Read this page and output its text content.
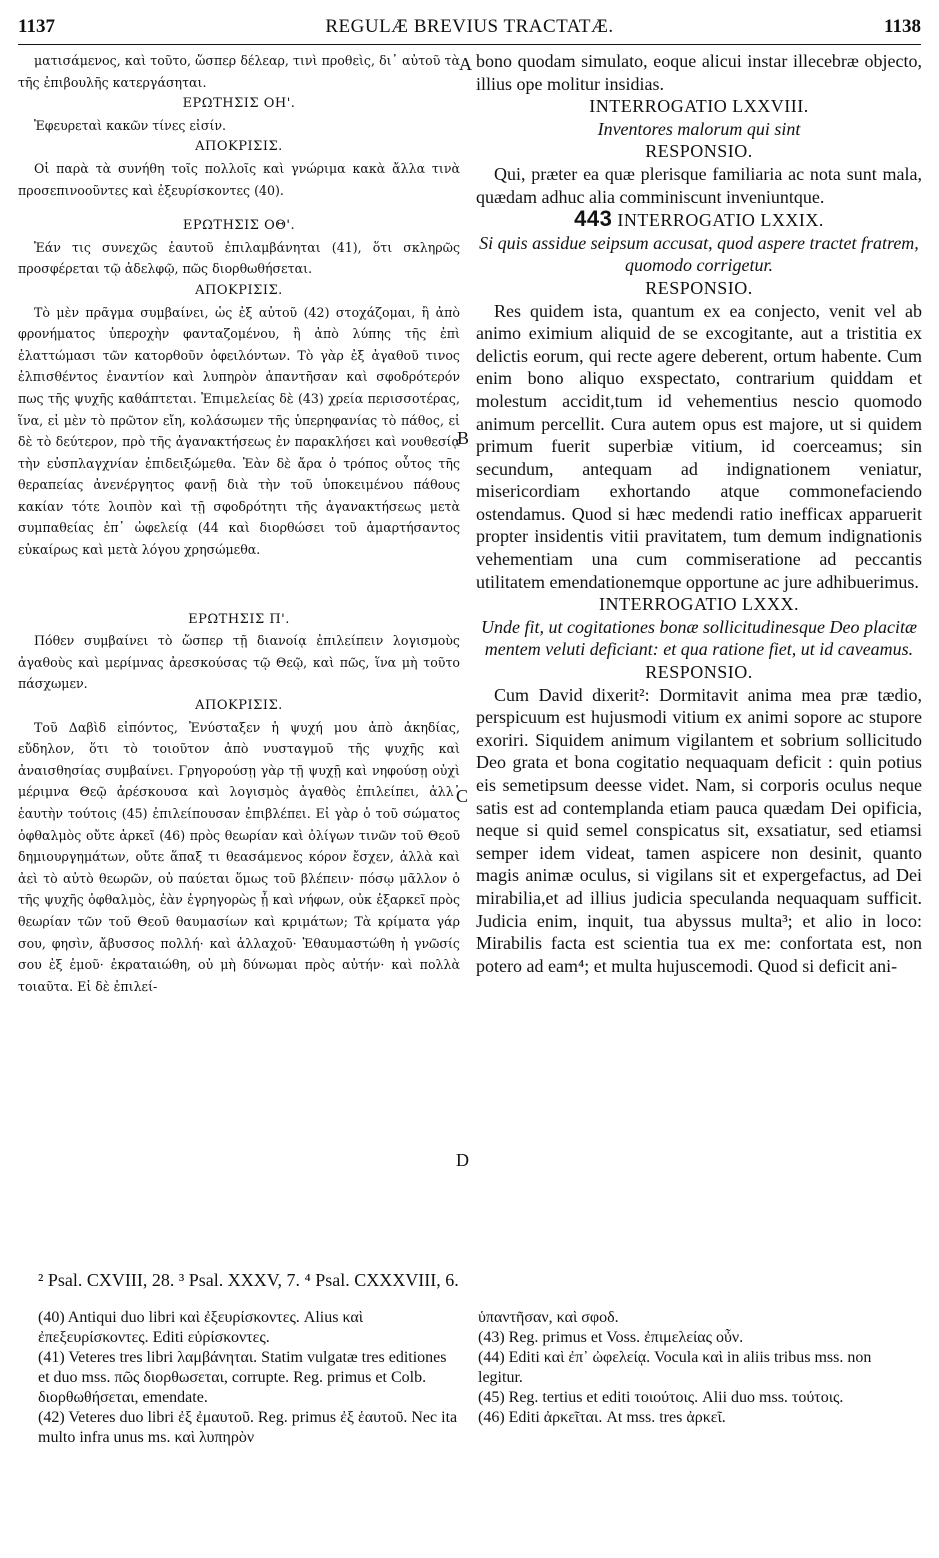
1137	REGULÆ BREVIUS TRACTATÆ.	1138

ματισάμενος, καὶ τοῦτο, ὥσπερ δέλεαρ, τινὶ προθεὶς, δι᾽ αὐτοῦ τὰ τῆς ἐπιβουλῆς κατεργάσηται.

ΕΡΩΤΗΣΙΣ ΟΗ'.

Ἐφευρεταὶ κακῶν τίνες εἰσίν.

ΑΠΟΚΡΙΣΙΣ.

Οἱ παρὰ τὰ συνήθη τοῖς πολλοῖς καὶ γνώριμα κακὰ ἄλλα τινὰ προσεπινοοῦντες καὶ ἐξευρίσκοντες (40).

ΕΡΩΤΗΣΙΣ ΟΘ'.

Ἐάν τις συνεχῶς ἑαυτοῦ ἐπιλαμβάνηται (41), ὅτι σκληρῶς προσφέρεται τῷ ἀδελφῷ, πῶς διορθωθήσεται.

ΑΠΟΚΡΙΣΙΣ.

Τὸ μὲν πρᾶγμα συμβαίνει, ὡς ἐξ αὐτοῦ (42) στοχάζομαι, ἢ ἀπὸ φρονήματος ὑπεροχὴν φανταζομένου, ἢ ἀπὸ λύπης τῆς ἐπὶ ἐλαττώμασι τῶν κατορθοῦν ὀφειλόντων. Τὸ γὰρ ἐξ ἀγαθοῦ τινος ἐλπισθέντος ἐναντίον καὶ λυπηρὸν ἀπαντῆσαν καὶ σφοδρότερόν πως τῆς ψυχῆς καθάπτεται. Ἐπιμελείας δὲ (43) χρεία περισσοτέρας, ἵνα, εἰ μὲν τὸ πρῶτον εἴη, κολάσωμεν τῆς ὑπερηφανίας τὸ πάθος, εἰ δὲ τὸ δεύτερον, πρὸ τῆς ἀγανακτήσεως ἐν παρακλήσει καὶ νουθεσίᾳ τὴν εὐσπλαγχνίαν ἐπιδειξώμεθα. Ἐὰν δὲ ἄρα ὁ τρόπος οὗτος τῆς θεραπείας ἀνενέργητος φανῇ διὰ τὴν τοῦ ὑποκειμένου πάθους κακίαν τότε λοιπὸν καὶ τῇ σφοδρότητι τῆς ἀγανακτήσεως μετὰ συμπαθείας ἐπ᾽ ὠφελείᾳ (44 καὶ διορθώσει τοῦ ἁμαρτήσαντος εὐκαίρως καὶ μετὰ λόγου χρησώμεθα.

ΕΡΩΤΗΣΙΣ Π'.

Πόθεν συμβαίνει τὸ ὥσπερ τῇ διανοίᾳ ἐπιλείπειν λογισμοὺς ἀγαθοὺς καὶ μερίμνας ἀρεσκούσας τῷ Θεῷ, καὶ πῶς, ἵνα μὴ τοῦτο πάσχωμεν.

ΑΠΟΚΡΙΣΙΣ.

Τοῦ Δαβὶδ εἰπόντος, Ἐνύσταξεν ἡ ψυχή μου ἀπὸ ἀκηδίας, εὔδηλον, ὅτι τὸ τοιοῦτον ἀπὸ νυσταγμοῦ τῆς ψυχῆς καὶ ἀναισθησίας συμβαίνει. Γρηγορούσῃ γὰρ τῇ ψυχῇ καὶ νηφούσῃ οὐχὶ μέριμνα Θεῷ ἀρέσκουσα καὶ λογισμὸς ἀγαθὸς ἐπιλείπει, ἀλλ᾽ ἑαυτὴν τούτοις (45) ἐπιλείπουσαν ἐπιβλέπει. Εἰ γὰρ ὁ τοῦ σώματος ὀφθαλμὸς οὔτε ἀρκεῖ (46) πρὸς θεωρίαν καὶ ὀλίγων τινῶν τοῦ Θεοῦ δημιουργημάτων, οὔτε ἅπαξ τι θεασάμενος κόρον ἔσχεν, ἀλλὰ καὶ ἀεὶ τὸ αὐτὸ θεωρῶν, οὐ παύεται ὅμως τοῦ βλέπειν· πόσῳ μᾶλλον ὁ τῆς ψυχῆς ὀφθαλμὸς, ἐὰν ἐγρηγορὼς ᾖ καὶ νήφων, οὐκ ἐξαρκεῖ πρὸς θεωρίαν τῶν τοῦ Θεοῦ θαυμασίων καὶ κριμάτων; Τὰ κρίματα γάρ σου, φησὶν, ἄβυσσος πολλή· καὶ ἀλλαχοῦ· Ἐθαυμαστώθη ἡ γνῶσίς σου ἐξ ἐμοῦ· ἐκραταιώθη, οὐ μὴ δύνωμαι πρὸς αὐτήν· καὶ πολλὰ τοιαῦτα. Εἰ δὲ ἐπιλεί-

A
B
C
D

bono quodam simulato, eoque alicui instar illecebræ objecto, illius ope molitur insidias.

INTERROGATIO LXXVIII.

Inventores malorum qui sint

RESPONSIO.

Qui, præter ea quæ plerisque familiaria ac nota sunt mala, quædam adhuc alia comminiscunt inveniuntque.

443 INTERROGATIO LXXIX.

Si quis assidue seipsum accusat, quod aspere tractet fratrem, quomodo corrigetur.

RESPONSIO.

Res quidem ista, quantum ex ea conjecto, venit vel ab animo eximium aliquid de se excogitante, aut a tristitia ex delictis eorum, qui recte agere deberent, ortum habente. Cum enim bono aliquo exspectato, contrarium quiddam et molestum accidit,tum id vehementius nescio quomodo animum percellit. Cura autem opus est majore, ut si quidem primum fuerit superbiæ vitium, id coerceamus; sin secundum, antequam ad indignationem veniatur, misericordiam exhortando atque commonefaciendo ostendamus. Quod si hæc medendi ratio inefficax apparuerit propter insidentis vitii pravitatem, tum demum indignationis vehementiam una cum commiseratione ad peccantis utilitatem emendationemque opportune ac jure adhibuerimus.

INTERROGATIO LXXX.

Unde fit, ut cogitationes bonæ sollicitudinesque Deo placitæ mentem veluti deficiant: et qua ratione fiet, ut id caveamus.

RESPONSIO.

Cum David dixerit²: Dormitavit anima mea præ tædio, perspicuum est hujusmodi vitium ex animi sopore ac stupore exoriri. Siquidem animum vigilantem et sobrium sollicitudo Deo grata et bona cogitatio nequaquam deficit : quin potius eis semetipsum deesse videt. Nam, si corporis oculus neque satis est ad contemplanda etiam pauca quædam Dei opificia, neque si quid semel conspicatus sit, exsatiatur, sed etiamsi semper idem videat, tamen aspicere non desinit, quanto magis animæ oculus, si vigilans sit et expergefactus, ad Dei mirabilia,et ad illius judicia speculanda nequaquam sufficit. Judicia enim, inquit, tua abyssus multa³; et alio in loco: Mirabilis facta est scientia tua ex me: confortata est, non potero ad eam⁴; et multa hujuscemodi. Quod si deficit ani-

² Psal. CXVIII, 28. ³ Psal. XXXV, 7. ⁴ Psal. CXXXVIII, 6.

(40) Antiqui duo libri καὶ ἐξευρίσκοντες. Alius καὶ ἐπεξευρίσκοντες. Editi εὑρίσκοντες.

(41) Veteres tres libri λαμβάνηται. Statim vulgatæ tres editiones et duo mss. πῶς διορθωσεται, corrupte. Reg. primus et Colb. διορθωθήσεται, emendate.

(42) Veteres duo libri ἐξ ἐμαυτοῦ. Reg. primus ἐξ ἑαυτοῦ. Nec ita multo infra unus ms. καὶ λυπηρὸν

ὑπαντῆσαν, καὶ σφοδ.

(43) Reg. primus et Voss. ἐπιμελείας οὖν.

(44) Editi καὶ ἐπ᾽ ὠφελείᾳ. Vocula καὶ in aliis tribus mss. non legitur.

(45) Reg. tertius et editi τοιούτοις. Alii duo mss. τούτοις.

(46) Editi ἀρκεῖται. At mss. tres ἀρκεῖ.
